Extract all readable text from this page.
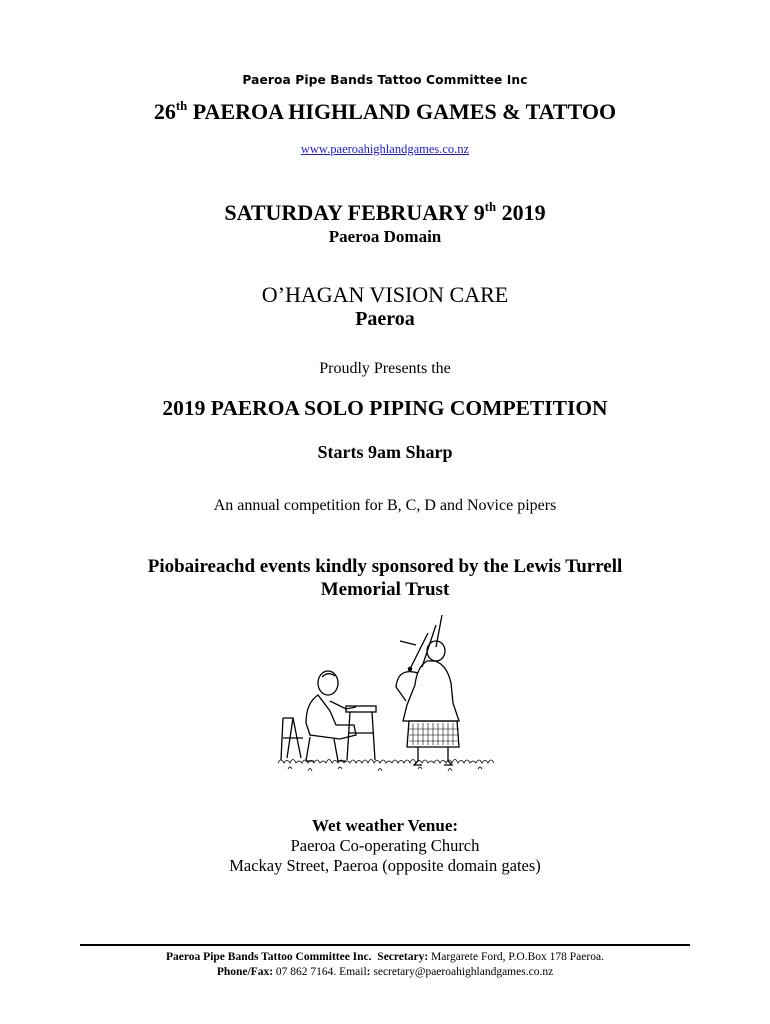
Paeroa Pipe Bands Tattoo Committee Inc
26th PAEROA HIGHLAND GAMES & TATTOO
www.paeroahighlandgames.co.nz
SATURDAY FEBRUARY 9th 2019
Paeroa Domain
O’HAGAN VISION CARE
Paeroa
Proudly Presents the
2019 PAEROA SOLO PIPING COMPETITION
Starts 9am Sharp
An annual competition for B, C, D and Novice pipers
Piobaireachd events kindly sponsored by the Lewis Turrell
Memorial Trust
Wet weather Venue:
Paeroa Co-operating Church
Mackay Street, Paeroa (opposite domain gates)
Paeroa Pipe Bands Tattoo Committee Inc. Secretary: Margarete Ford, P.O.Box 178 Paeroa.
Phone/Fax: 07 862 7164. Email: secretary@paeroahighlandgames.co.nz
